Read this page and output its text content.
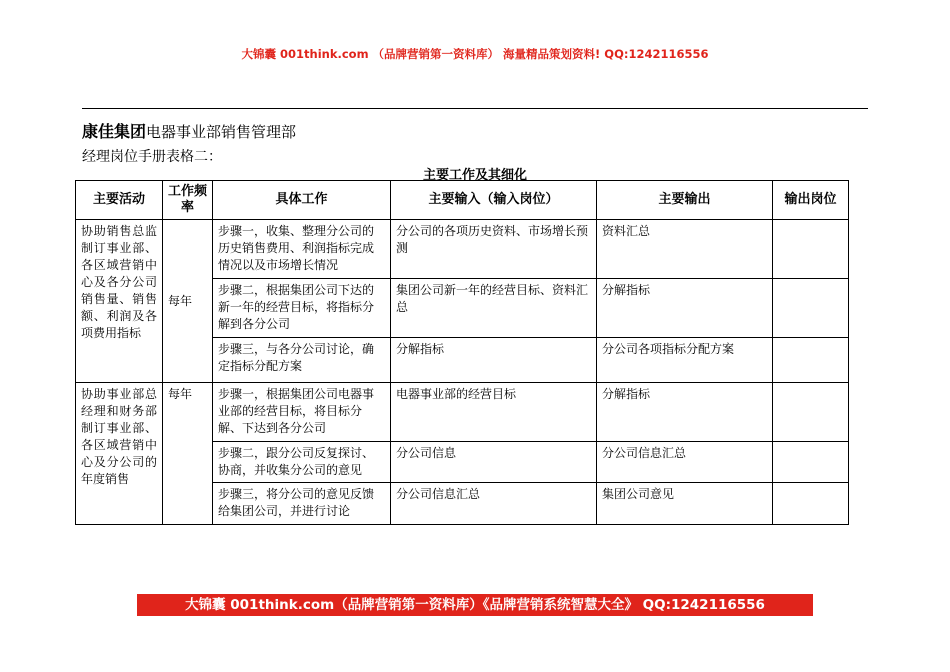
大锦囊 001think.com （品牌营销第一资料库） 海量精品策划资料! QQ:1242116556
康佳集团电器事业部销售管理部
经理岗位手册表格二：
主要工作及其细化
主要活动	工作频率	具体工作	主要输入（输入岗位）	主要输出	输出岗位
协助销售总监制订事业部、各区域营销中心及各分公司销售量、销售额、利润及各项费用指标	每年	步骤一，收集、整理分公司的历史销售费用、利润指标完成情况以及市场增长情况	分公司的各项历史资料、市场增长预测	资料汇总	
		步骤二，根据集团公司下达的新一年的经营目标，将指标分解到各分公司	集团公司新一年的经营目标、资料汇总	分解指标	
		步骤三，与各分公司讨论，确定指标分配方案	分解指标	分公司各项指标分配方案	
协助事业部总经理和财务部制订事业部、各区域营销中心及分公司的年度销售	每年	步骤一，根据集团公司电器事业部的经营目标，将目标分解、下达到各分公司	电器事业部的经营目标	分解指标	
		步骤二，跟分公司反复探讨、协商，并收集分公司的意见	分公司信息	分公司信息汇总	
		步骤三，将分公司的意见反馈给集团公司，并进行讨论	分公司信息汇总	集团公司意见	
大锦囊 001think.com（品牌营销第一资料库）《品牌营销系统智慧大全》 QQ:1242116556
